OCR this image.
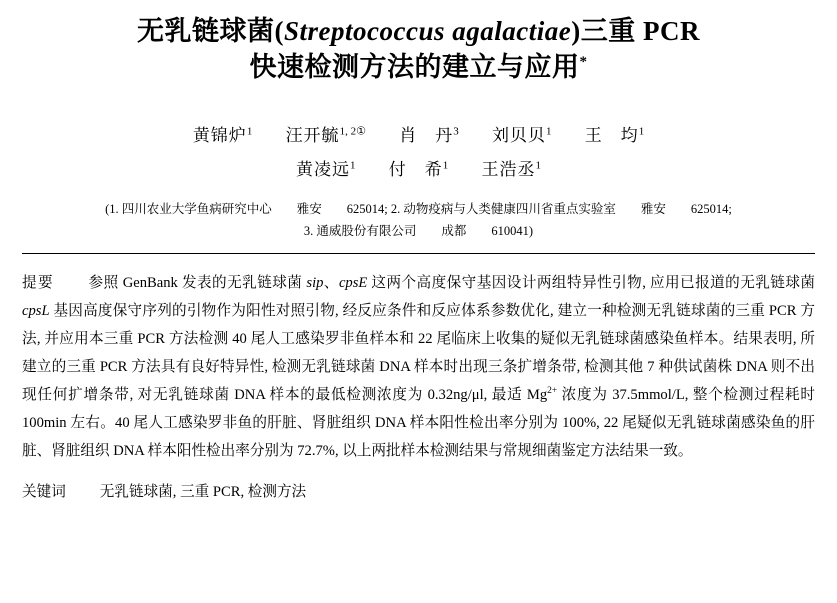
无乳链球菌(Streptococcus agalactiae)三重 PCR
快速检测方法的建立与应用*
黄锦炉$^1$ 汪开毓$^{1, 2①}$ 肖　丹$^3$ 刘贝贝$^1$ 王　均$^1$
黄凌远$^1$ 付　希$^1$ 王浩丞$^1$
(1. 四川农业大学鱼病研究中心　　雅安　　625014; 2. 动物疫病与人类健康四川省重点实验室　　雅安　　625014;
3. 通威股份有限公司　　成都　　610041)

提要 参照 GenBank 发表的无乳链球菌 sip、cpsE 这两个高度保守基因设计两组特异性引物, 应用已报道的无乳链球菌 cpsL 基因高度保守序列的引物作为阳性对照引物, 经反应条件和反应体系参数优化, 建立一种检测无乳链球菌的三重 PCR 方法, 并应用本三重 PCR 方法检测 40 尾人工感染罗非鱼样本和 22 尾临床上收集的疑似无乳链球菌感染鱼样本。结果表明, 所建立的三重 PCR 方法具有良好特异性, 检测无乳链球菌 DNA 样本时出现三条扩增条带, 检测其他 7 种供试菌株 DNA 则不出现任何扩增条带, 对无乳链球菌 DNA 样本的最低检测浓度为 0.32ng/μl, 最适 $Mg^{2+}$ 浓度为 37.5mmol/L, 整个检测过程耗时 100min 左右。40 尾人工感染罗非鱼的肝脏、肾脏组织 DNA 样本阳性检出率分别为 100%, 22 尾疑似无乳链球菌感染鱼的肝脏、肾脏组织 DNA 样本阳性检出率分别为 72.7%, 以上两批样本检测结果与常规细菌鉴定方法结果一致。

关键词 无乳链球菌, 三重 PCR, 检测方法
